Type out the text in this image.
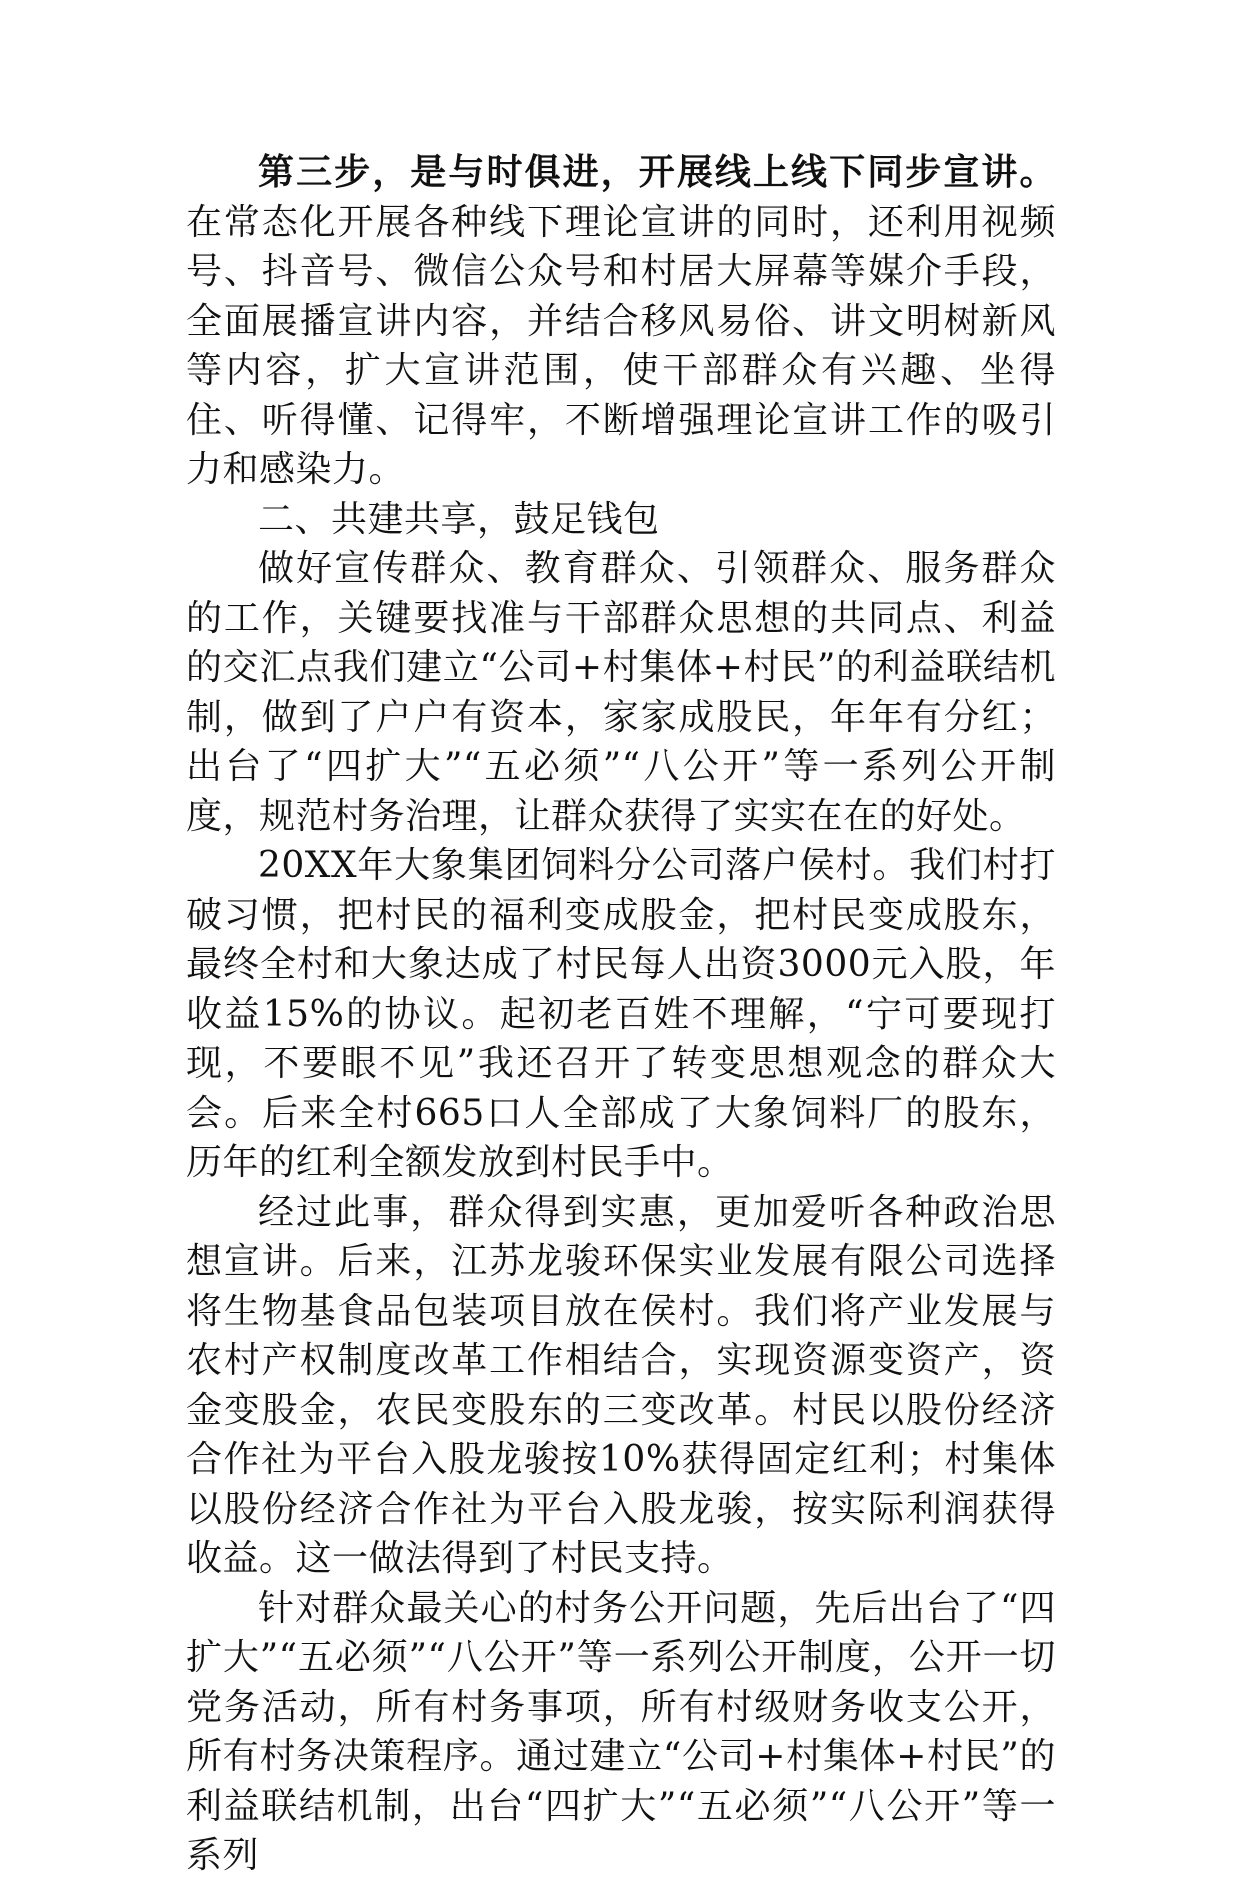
第三步，是与时俱进，开展线上线下同步宣讲。在常态化开展各种线下理论宣讲的同时，还利用视频号、抖音号、微信公众号和村居大屏幕等媒介手段，全面展播宣讲内容，并结合移风易俗、讲文明树新风等内容，扩大宣讲范围，使干部群众有兴趣、坐得住、听得懂、记得牢，不断增强理论宣讲工作的吸引力和感染力。

二、共建共享，鼓足钱包

做好宣传群众、教育群众、引领群众、服务群众的工作，关键要找准与干部群众思想的共同点、利益的交汇点我们建立“公司+村集体+村民”的利益联结机制，做到了户户有资本，家家成股民，年年有分红；出台了“四扩大”“五必须”“八公开”等一系列公开制度，规范村务治理，让群众获得了实实在在的好处。

20XX年大象集团饲料分公司落户侯村。我们村打破习惯，把村民的福利变成股金，把村民变成股东，最终全村和大象达成了村民每人出资3000元入股，年收益15%的协议。起初老百姓不理解，“宁可要现打现，不要眼不见”我还召开了转变思想观念的群众大会。后来全村665口人全部成了大象饲料厂的股东，历年的红利全额发放到村民手中。

经过此事，群众得到实惠，更加爱听各种政治思想宣讲。后来，江苏龙骏环保实业发展有限公司选择将生物基食品包装项目放在侯村。我们将产业发展与农村产权制度改革工作相结合，实现资源变资产，资金变股金，农民变股东的三变改革。村民以股份经济合作社为平台入股龙骏按10%获得固定红利；村集体以股份经济合作社为平台入股龙骏，按实际利润获得收益。这一做法得到了村民支持。

针对群众最关心的村务公开问题，先后出台了“四扩大”“五必须”“八公开”等一系列公开制度，公开一切党务活动，所有村务事项，所有村级财务收支公开，所有村务决策程序。通过建立“公司+村集体+村民”的利益联结机制，出台“四扩大”“五必须”“八公开”等一系列
